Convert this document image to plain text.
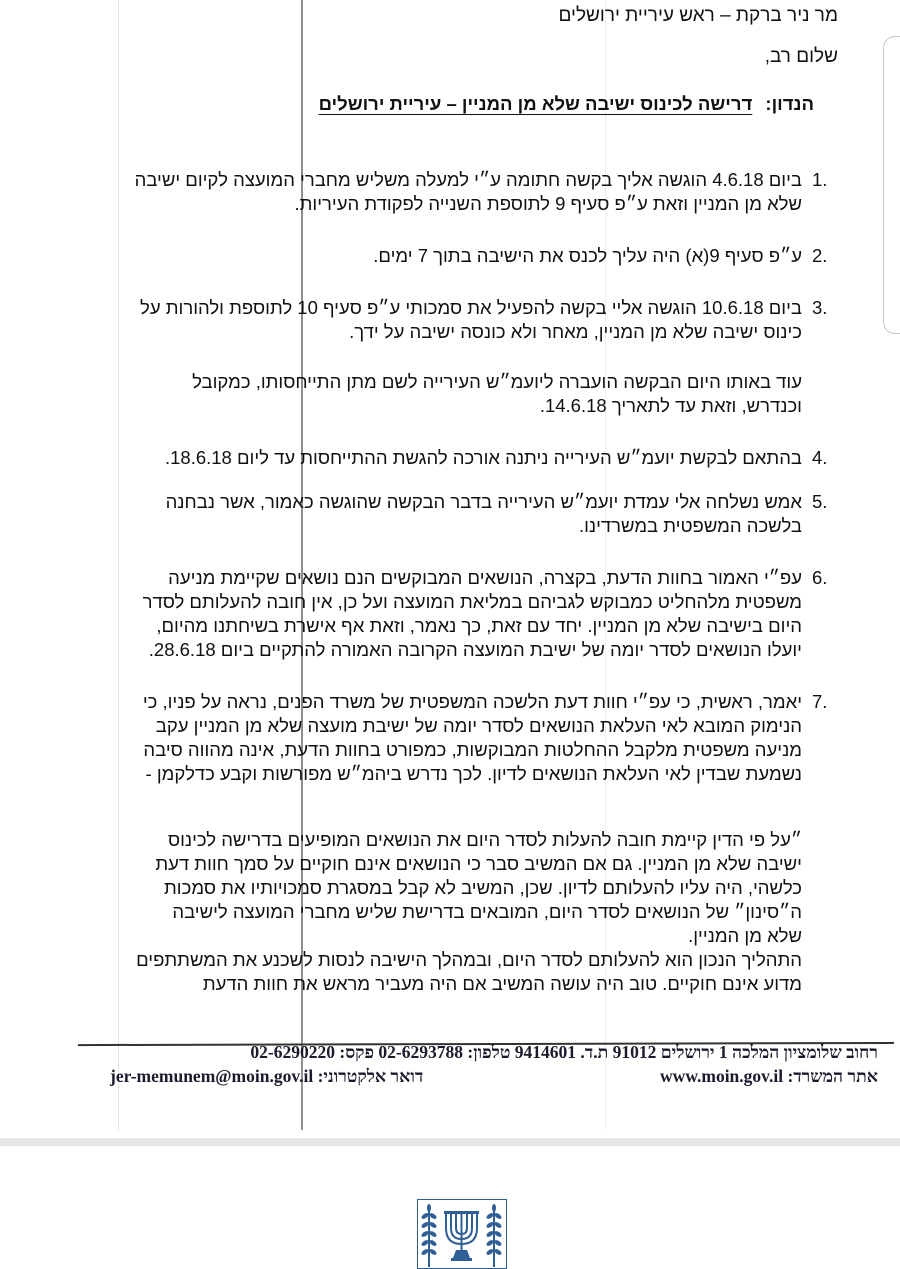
מר ניר ברקת – ראש עיריית ירושלים
שלום רב,
הנדון: דרישה לכינוס ישיבה שלא מן המניין – עיריית ירושלים
1.
ביום 4.6.18 הוגשה אליך בקשה חתומה ע״י למעלה משליש מחברי המועצה לקיום ישיבה
שלא מן המניין וזאת ע״פ סעיף 9 לתוספת השנייה לפקודת העיריות.
2.
ע״פ סעיף 9(א) היה עליך לכנס את הישיבה בתוך 7 ימים.
3.
ביום 10.6.18 הוגשה אליי בקשה להפעיל את סמכותי ע״פ סעיף 10 לתוספת ולהורות על
כינוס ישיבה שלא מן המניין, מאחר ולא כונסה ישיבה על ידך.
עוד באותו היום הבקשה הועברה ליועמ״ש העירייה לשם מתן התייחסותו, כמקובל
וכנדרש, וזאת עד לתאריך 14.6.18.
4.
בהתאם לבקשת יועמ״ש העירייה ניתנה אורכה להגשת ההתייחסות עד ליום 18.6.18.
5.
אמש נשלחה אלי עמדת יועמ״ש העירייה בדבר הבקשה שהוגשה כאמור, אשר נבחנה
בלשכה המשפטית במשרדינו.
6.
עפ״י האמור בחוות הדעת, בקצרה, הנושאים המבוקשים הנם נושאים שקיימת מניעה
משפטית מלהחליט כמבוקש לגביהם במליאת המועצה ועל כן, אין חובה להעלותם לסדר
היום בישיבה שלא מן המניין. יחד עם זאת, כך נאמר, וזאת אף אישרת בשיחתנו מהיום,
יועלו הנושאים לסדר יומה של ישיבת המועצה הקרובה האמורה להתקיים ביום 28.6.18.
7.
יאמר, ראשית, כי עפ״י חוות דעת הלשכה המשפטית של משרד הפנים, נראה על פניו, כי
הנימוק המובא לאי העלאת הנושאים לסדר יומה של ישיבת מועצה שלא מן המניין עקב
מניעה משפטית מלקבל ההחלטות המבוקשות, כמפורט בחוות הדעת, אינה מהווה סיבה
נשמעת שבדין לאי העלאת הנושאים לדיון. לכך נדרש ביהמ״ש מפורשות וקבע כדלקמן -
״על פי הדין קיימת חובה להעלות לסדר היום את הנושאים המופיעים בדרישה לכינוס
ישיבה שלא מן המניין. גם אם המשיב סבר כי הנושאים אינם חוקיים על סמך חוות דעת
כלשהי, היה עליו להעלותם לדיון. שכן, המשיב לא קבל במסגרת סמכויותיו את סמכות
ה״סינון״ של הנושאים לסדר היום, המובאים בדרישת שליש מחברי המועצה לישיבה
שלא מן המניין.
התהליך הנכון הוא להעלותם לסדר היום, ובמהלך הישיבה לנסות לשכנע את המשתתפים
מדוע אינם חוקיים. טוב היה עושה המשיב אם היה מעביר מראש את חוות הדעת
רחוב שלומציון המלכה 1 ירושלים 91012 ת.ד. 9414601 טלפון: 02-6293788 פקס: 02-6290220
אתר המשרד: www.moin.gov.il
דואר אלקטרוני: jer-memunem@moin.gov.il
